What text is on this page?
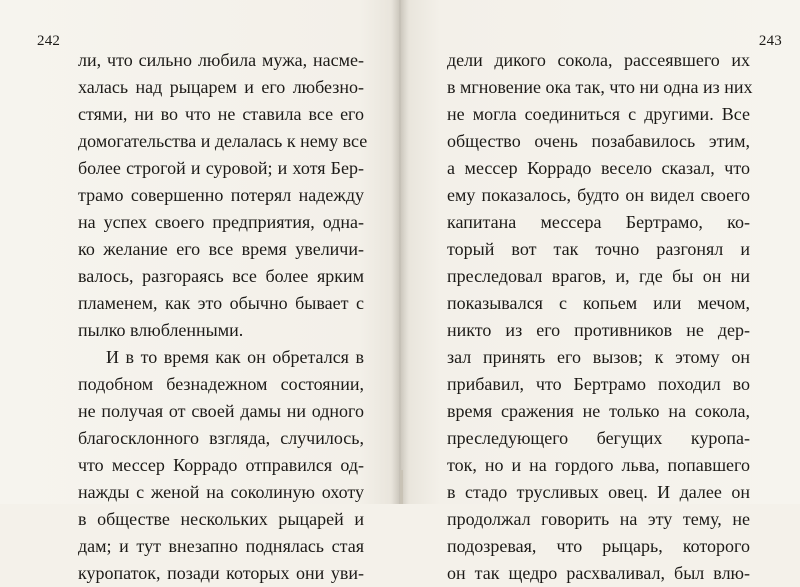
242
ли, что сильно любила мужа, насме-
халась над рыцарем и его любезно-
стями, ни во что не ставила все его
домогательства и делалась к нему все
более строгой и суровой; и хотя Бер-
трамо совершенно потерял надежду
на успех своего предприятия, одна-
ко желание его все время увеличи-
валось, разгораясь все более ярким
пламенем, как это обычно бывает с
пылко влюбленными.
И в то время как он обретался в
подобном безнадежном состоянии,
не получая от своей дамы ни одного
благосклонного взгляда, случилось,
что мессер Коррадо отправился од-
нажды с женой на соколиную охоту
в обществе нескольких рыцарей и
дам; и тут внезапно поднялась стая
куропаток, позади которых они уви-
243
дели дикого сокола, рассеявшего их
в мгновение ока так, что ни одна из них
не могла соединиться с другими. Все
общество очень позабавилось этим,
а мессер Коррадо весело сказал, что
ему показалось, будто он видел своего
капитана мессера Бертрамо, ко-
торый вот так точно разгонял и
преследовал врагов, и, где бы он ни
показывался с копьем или мечом,
никто из его противников не дер-
зал принять его вызов; к этому он
прибавил, что Бертрамо походил во
время сражения не только на сокола,
преследующего бегущих куропа-
ток, но и на гордого льва, попавшего
в стадо трусливых овец. И далее он
продолжал говорить на эту тему, не
подозревая, что рыцарь, которого
он так щедро расхваливал, был влю-
